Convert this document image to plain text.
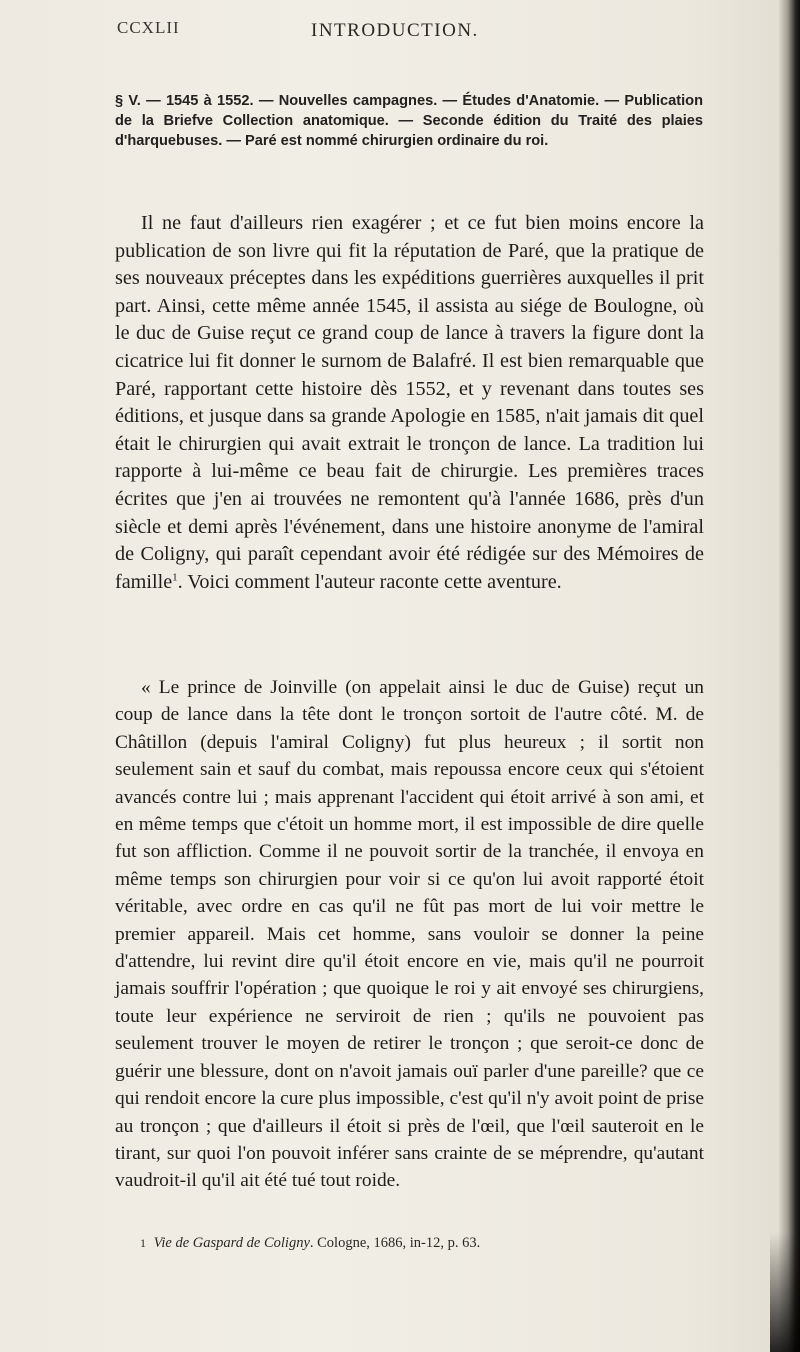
CCXLII	INTRODUCTION.
§ V. — 1545 à 1552. — Nouvelles campagnes. — Études d'Anatomie. — Publication de la Briefve Collection anatomique. — Seconde édition du Traité des plaies d'harquebuses. — Paré est nommé chirurgien ordinaire du roi.

Il ne faut d'ailleurs rien exagérer ; et ce fut bien moins encore la publication de son livre qui fit la réputation de Paré, que la pratique de ses nouveaux préceptes dans les expéditions guerrières auxquelles il prit part. Ainsi, cette même année 1545, il assista au siége de Boulogne, où le duc de Guise reçut ce grand coup de lance à travers la figure dont la cicatrice lui fit donner le surnom de Balafré. Il est bien remarquable que Paré, rapportant cette histoire dès 1552, et y revenant dans toutes ses éditions, et jusque dans sa grande Apologie en 1585, n'ait jamais dit quel était le chirurgien qui avait extrait le tronçon de lance. La tradition lui rapporte à lui-même ce beau fait de chirurgie. Les premières traces écrites que j'en ai trouvées ne remontent qu'à l'année 1686, près d'un siècle et demi après l'événement, dans une histoire anonyme de l'amiral de Coligny, qui paraît cependant avoir été rédigée sur des Mémoires de famille$^1$. Voici comment l'auteur raconte cette aventure.

« Le prince de Joinville (on appelait ainsi le duc de Guise) reçut un coup de lance dans la tête dont le tronçon sortoit de l'autre côté. M. de Châtillon (depuis l'amiral Coligny) fut plus heureux ; il sortit non seulement sain et sauf du combat, mais repoussa encore ceux qui s'étoient avancés contre lui ; mais apprenant l'accident qui étoit arrivé à son ami, et en même temps que c'étoit un homme mort, il est impossible de dire quelle fut son affliction. Comme il ne pouvoit sortir de la tranchée, il envoya en même temps son chirurgien pour voir si ce qu'on lui avoit rapporté étoit véritable, avec ordre en cas qu'il ne fût pas mort de lui voir mettre le premier appareil. Mais cet homme, sans vouloir se donner la peine d'attendre, lui revint dire qu'il étoit encore en vie, mais qu'il ne pourroit jamais souffrir l'opération ; que quoique le roi y ait envoyé ses chirurgiens, toute leur expérience ne serviroit de rien ; qu'ils ne pouvoient pas seulement trouver le moyen de retirer le tronçon ; que seroit-ce donc de guérir une blessure, dont on n'avoit jamais ouï parler d'une pareille? que ce qui rendoit encore la cure plus impossible, c'est qu'il n'y avoit point de prise au tronçon ; que d'ailleurs il étoit si près de l'œil, que l'œil sauteroit en le tirant, sur quoi l'on pouvoit inférer sans crainte de se méprendre, qu'autant vaudroit-il qu'il ait été tué tout roide.

1 Vie de Gaspard de Coligny. Cologne, 1686, in-12, p. 63.
